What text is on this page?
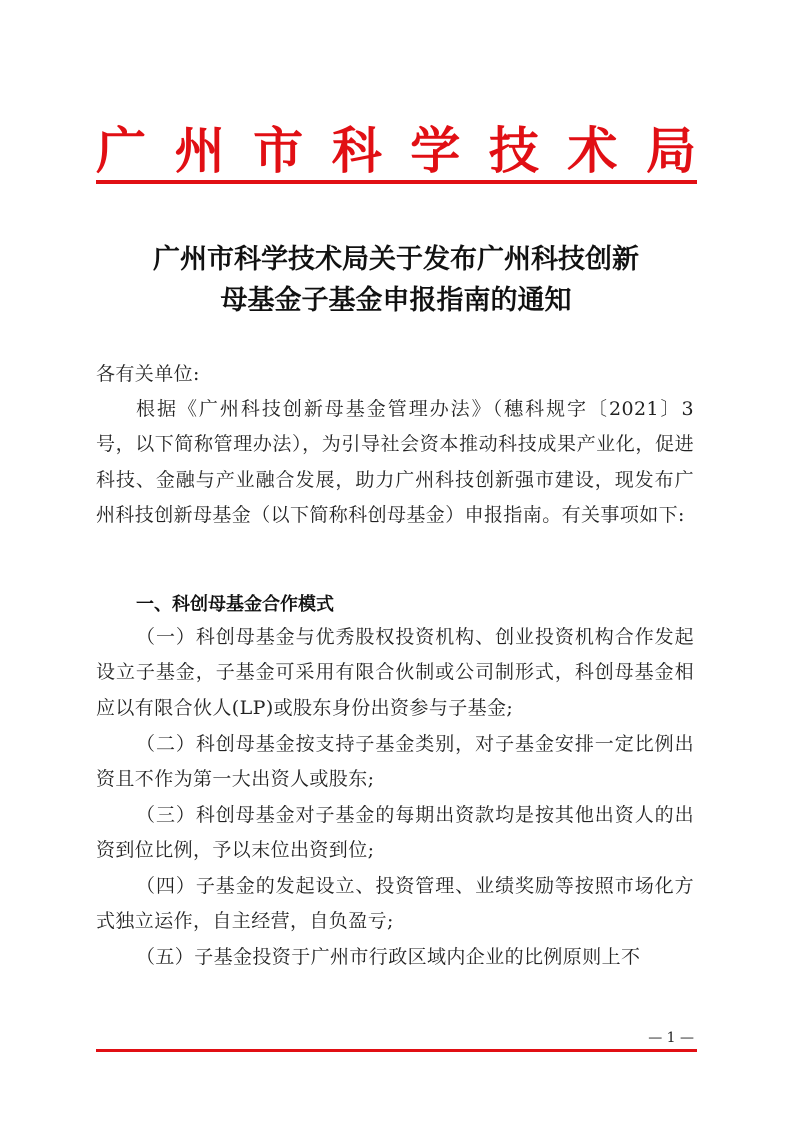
广 州 市 科 学 技 术 局
广州市科学技术局关于发布广州科技创新
母基金子基金申报指南的通知
各有关单位:
根据《广州科技创新母基金管理办法》（穗科规字〔2021〕3 号，以下简称管理办法），为引导社会资本推动科技成果产业化，促进科技、金融与产业融合发展，助力广州科技创新强市建设，现发布广州科技创新母基金（以下简称科创母基金）申报指南。有关事项如下:
一、科创母基金合作模式
（一）科创母基金与优秀股权投资机构、创业投资机构合作发起设立子基金，子基金可采用有限合伙制或公司制形式，科创母基金相应以有限合伙人(LP)或股东身份出资参与子基金;
（二）科创母基金按支持子基金类别，对子基金安排一定比例出资且不作为第一大出资人或股东;
（三）科创母基金对子基金的每期出资款均是按其他出资人的出资到位比例，予以末位出资到位;
（四）子基金的发起设立、投资管理、业绩奖励等按照市场化方式独立运作，自主经营，自负盈亏;
（五）子基金投资于广州市行政区域内企业的比例原则上不
— 1 —
